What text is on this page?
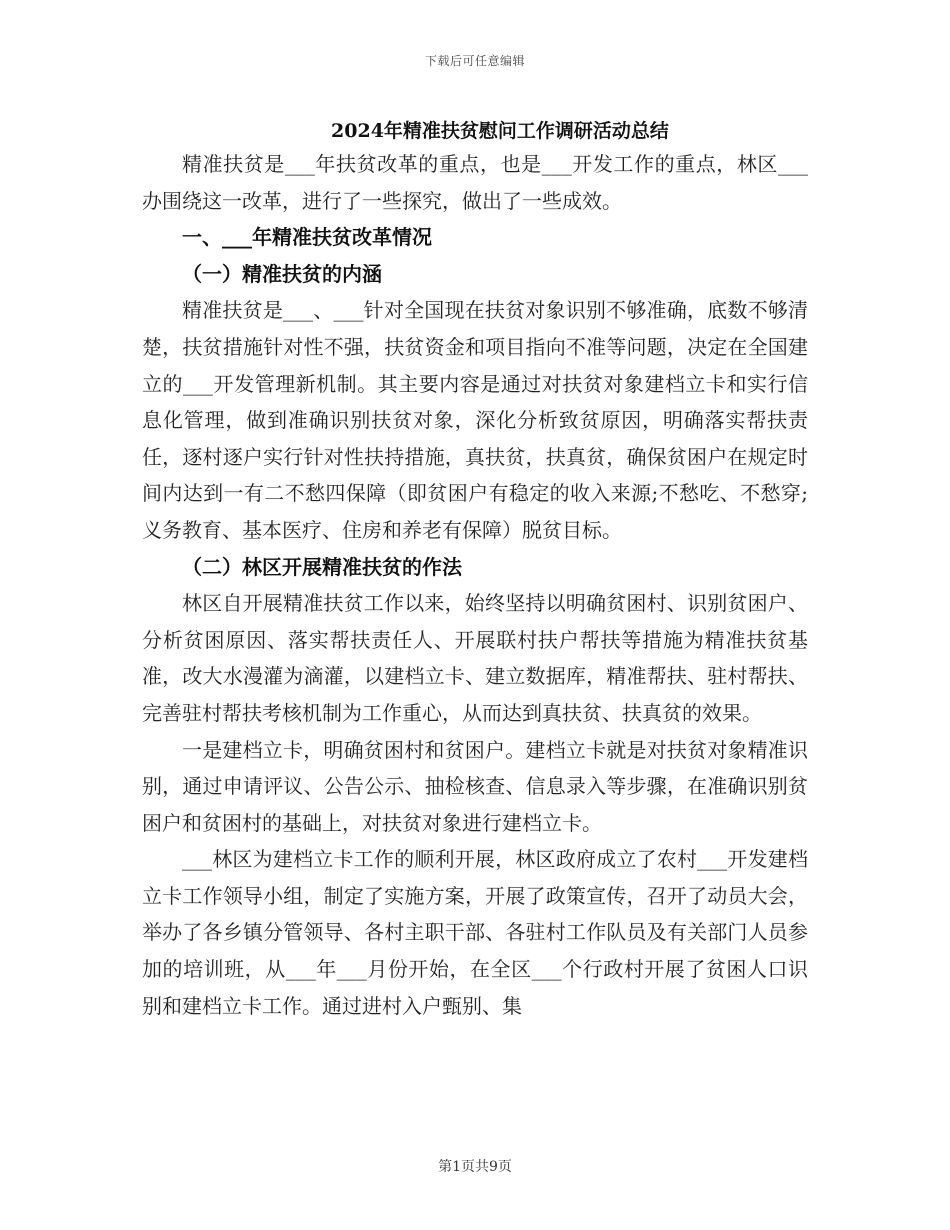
下载后可任意编辑
2024年精准扶贫慰问工作调研活动总结

精准扶贫是___年扶贫改革的重点，也是___开发工作的重点，林区___办围绕这一改革，进行了一些探究，做出了一些成效。

一、___年精准扶贫改革情况
（一）精准扶贫的内涵

精准扶贫是___、___针对全国现在扶贫对象识别不够准确，底数不够清楚，扶贫措施针对性不强，扶贫资金和项目指向不准等问题，决定在全国建立的___开发管理新机制。其主要内容是通过对扶贫对象建档立卡和实行信息化管理，做到准确识别扶贫对象，深化分析致贫原因，明确落实帮扶责任，逐村逐户实行针对性扶持措施，真扶贫，扶真贫，确保贫困户在规定时间内达到一有二不愁四保障（即贫困户有稳定的收入来源;不愁吃、不愁穿;义务教育、基本医疗、住房和养老有保障）脱贫目标。

（二）林区开展精准扶贫的作法

林区自开展精准扶贫工作以来，始终坚持以明确贫困村、识别贫困户、分析贫困原因、落实帮扶责任人、开展联村扶户帮扶等措施为精准扶贫基准，改大水漫灌为滴灌，以建档立卡、建立数据库，精准帮扶、驻村帮扶、完善驻村帮扶考核机制为工作重心，从而达到真扶贫、扶真贫的效果。

一是建档立卡，明确贫困村和贫困户。建档立卡就是对扶贫对象精准识别，通过申请评议、公告公示、抽检核查、信息录入等步骤，在准确识别贫困户和贫困村的基础上，对扶贫对象进行建档立卡。

___林区为建档立卡工作的顺利开展，林区政府成立了农村___开发建档立卡工作领导小组，制定了实施方案，开展了政策宣传，召开了动员大会，举办了各乡镇分管领导、各村主职干部、各驻村工作队员及有关部门人员参加的培训班，从___年___月份开始，在全区___个行政村开展了贫困人口识别和建档立卡工作。通过进村入户甄别、集

第1页共9页
